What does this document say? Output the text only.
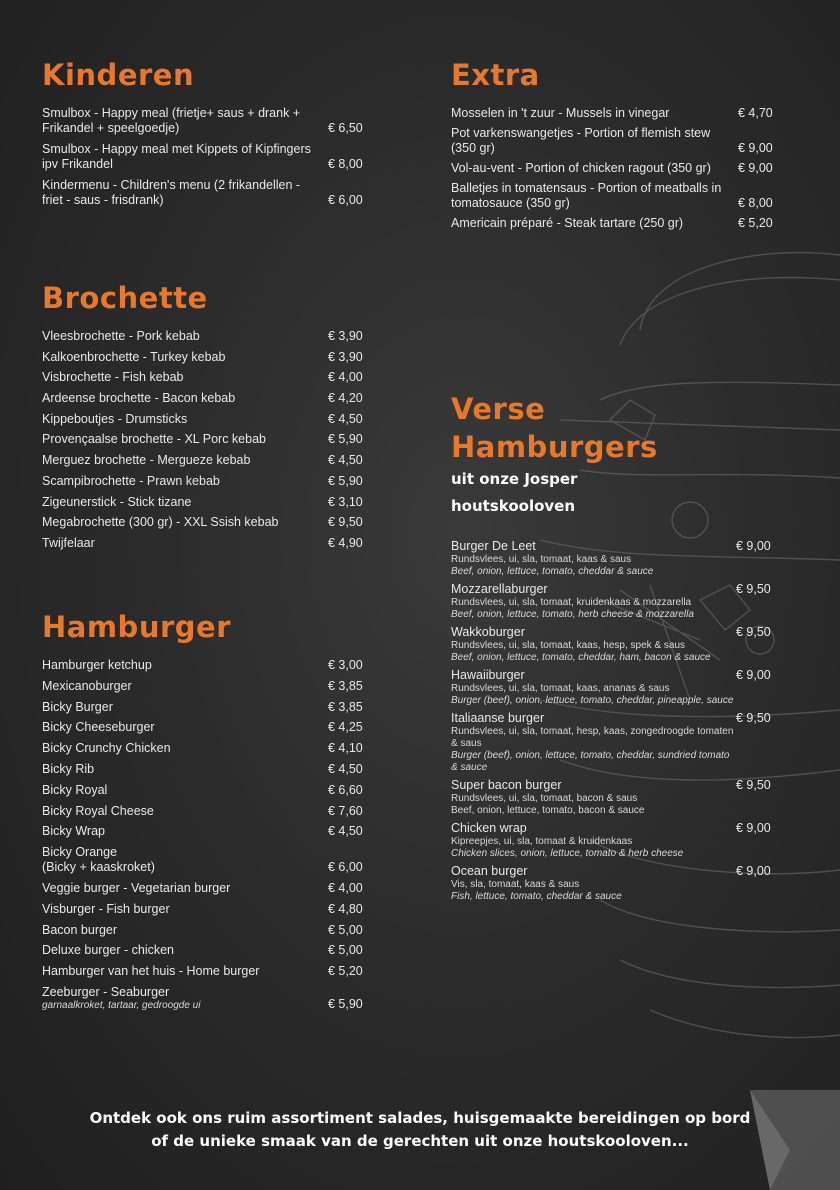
Kinderen
Smulbox - Happy meal (frietje+ saus + drank + Frikandel + speelgoedje)	€ 6,50
Smulbox - Happy meal met Kippets of Kipfingers ipv Frikandel	€ 8,00
Kindermenu - Children's menu (2 frikandellen - friet - saus - frisdrank)	€ 6,00
Brochette
Vleesbrochette - Pork kebab	€ 3,90
Kalkoenbrochette - Turkey kebab	€ 3,90
Visbrochette - Fish kebab	€ 4,00
Ardeense brochette - Bacon kebab	€ 4,20
Kippeboutjes - Drumsticks	€ 4,50
Provençaalse brochette - XL Porc kebab	€ 5,90
Merguez brochette - Mergueze kebab	€ 4,50
Scampibrochette - Prawn kebab	€ 5,90
Zigeunerstick - Stick tizane	€ 3,10
Megabrochette (300 gr) - XXL Ssish kebab	€ 9,50
Twijfelaar	€ 4,90
Hamburger
Hamburger ketchup	€ 3,00
Mexicanoburger	€ 3,85
Bicky Burger	€ 3,85
Bicky Cheeseburger	€ 4,25
Bicky Crunchy Chicken	€ 4,10
Bicky Rib	€ 4,50
Bicky Royal	€ 6,60
Bicky Royal Cheese	€ 7,60
Bicky Wrap	€ 4,50
Bicky Orange
(Bicky + kaaskroket)	€ 6,00
Veggie burger - Vegetarian burger	€ 4,00
Visburger - Fish burger	€ 4,80
Bacon burger	€ 5,00
Deluxe burger - chicken	€ 5,00
Hamburger van het huis - Home burger	€ 5,20
Zeeburger - Seaburger
garnaalkroket, tartaar, gedroogde ui	€ 5,90
Extra
Mosselen in 't zuur - Mussels in vinegar	€ 4,70
Pot varkenswangetjes - Portion of flemish stew (350 gr)	€ 9,00
Vol-au-vent - Portion of chicken ragout (350 gr)	€ 9,00
Balletjes in tomatensaus - Portion of meatballs in tomatosauce (350 gr)	€ 8,00
Americain préparé - Steak tartare (250 gr)	€ 5,20
Verse
Hamburgers
uit onze Josper
houtskooloven
Burger De Leet	€ 9,00
Rundsvlees, ui, sla, tomaat, kaas & saus
Beef, onion, lettuce, tomato, cheddar & sauce
Mozzarellaburger	€ 9,50
Rundsvlees, ui, sla, tomaat, kruidenkaas & mozzarella
Beef, onion, lettuce, tomato, herb cheese & mozzarella
Wakkoburger	€ 9,50
Rundsvlees, ui, sla, tomaat, kaas, hesp, spek & saus
Beef, onion, lettuce, tomato, cheddar, ham, bacon & sauce
Hawaiiburger	€ 9,00
Rundsvlees, ui, sla, tomaat, kaas, ananas & saus
Burger (beef), onion, lettuce, tomato, cheddar, pineapple, sauce
Italiaanse burger	€ 9,50
Rundsvlees, ui, sla, tomaat, hesp, kaas, zongedroogde tomaten & saus
Burger (beef), onion, lettuce, tomato, cheddar, sundried tomato & sauce
Super bacon burger	€ 9,50
Rundsvlees, ui, sla, tomaat, bacon & saus
Beef, onion, lettuce, tomato, bacon & sauce
Chicken wrap	€ 9,00
Kipreepjes, ui, sla, tomaat & kruidenkaas
Chicken slices, onion, lettuce, tomato & herb cheese
Ocean burger	€ 9,00
Vis, sla, tomaat, kaas & saus
Fish, lettuce, tomato, cheddar & sauce
Ontdek ook ons ruim assortiment salades, huisgemaakte bereidingen op bord
of de unieke smaak van de gerechten uit onze houtskooloven...
